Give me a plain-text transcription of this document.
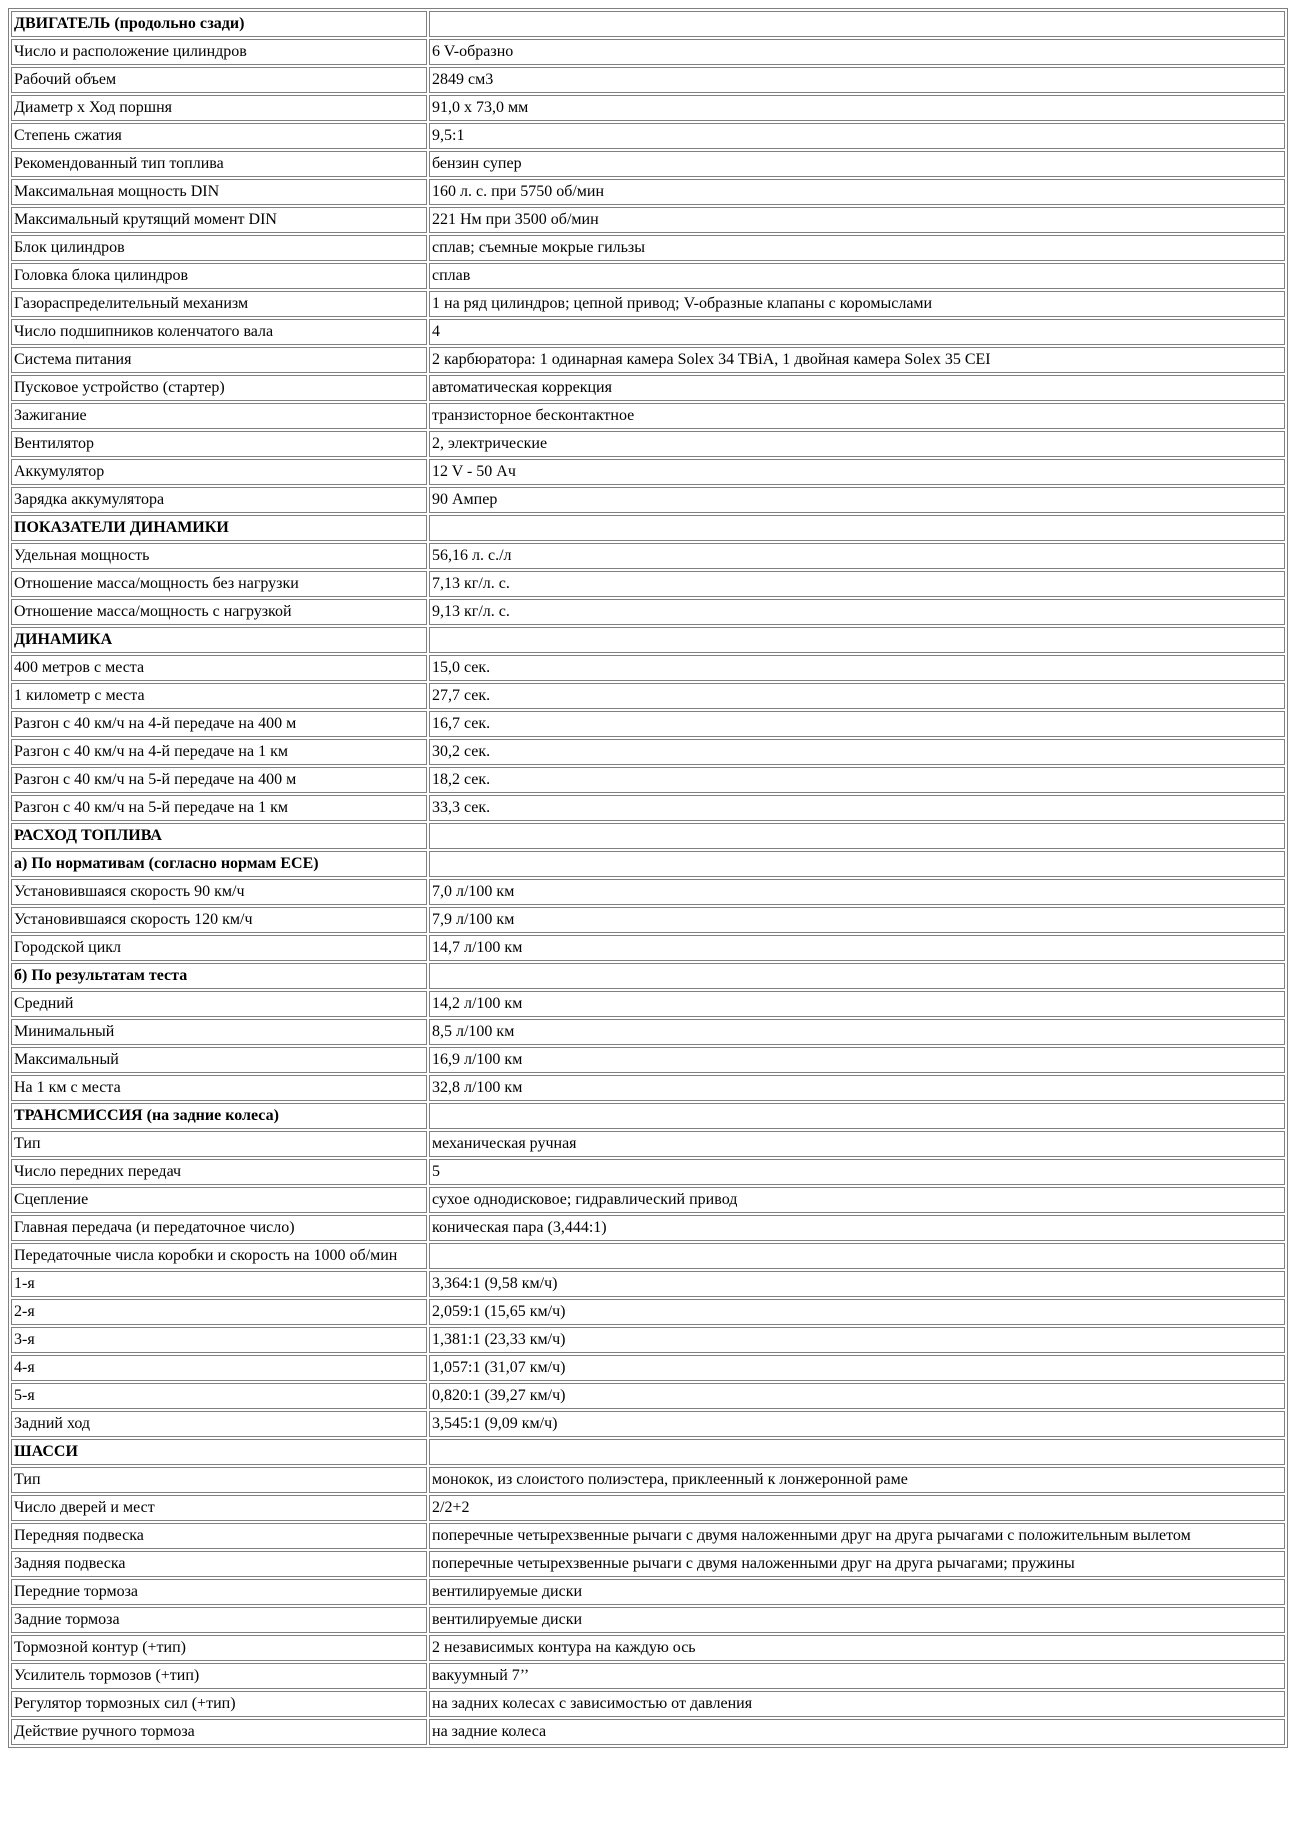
ДВИГАТЕЛЬ (продольно сзади)	
Число и расположение цилиндров	6 V-образно
Рабочий объем	2849 см3
Диаметр х Ход поршня	91,0 х 73,0 мм
Степень сжатия	9,5:1
Рекомендованный тип топлива	бензин супер
Максимальная мощность DIN	160 л. с. при 5750 об/мин
Максимальный крутящий момент DIN	221 Нм при 3500 об/мин
Блок цилиндров	сплав; съемные мокрые гильзы
Головка блока цилиндров	сплав
Газораспределительный механизм	1 на ряд цилиндров; цепной привод; V-образные клапаны с коромыслами
Число подшипников коленчатого вала	4
Система питания	2 карбюратора: 1 одинарная камера Solex 34 TBiA, 1 двойная камера Solex 35 CEI
Пусковое устройство (стартер)	автоматическая коррекция
Зажигание	транзисторное бесконтактное
Вентилятор	2, электрические
Аккумулятор	12 V - 50 Ач
Зарядка аккумулятора	90 Ампер
ПОКАЗАТЕЛИ ДИНАМИКИ	
Удельная мощность	56,16 л. с./л
Отношение масса/мощность без нагрузки	7,13 кг/л. с.
Отношение масса/мощность с нагрузкой	9,13 кг/л. с.
ДИНАМИКА	
400 метров с места	15,0 сек.
1 километр с места	27,7 сек.
Разгон с 40 км/ч на 4-й передаче на 400 м	16,7 сек.
Разгон с 40 км/ч на 4-й передаче на 1 км	30,2 сек.
Разгон с 40 км/ч на 5-й передаче на 400 м	18,2 сек.
Разгон с 40 км/ч на 5-й передаче на 1 км	33,3 сек.
РАСХОД ТОПЛИВА	
а) По нормативам (согласно нормам ECE)	
Установившаяся скорость 90 км/ч	7,0 л/100 км
Установившаяся скорость 120 км/ч	7,9 л/100 км
Городской цикл	14,7 л/100 км
б) По результатам теста	
Средний	14,2 л/100 км
Минимальный	8,5 л/100 км
Максимальный	16,9 л/100 км
На 1 км с места	32,8 л/100 км
ТРАНСМИССИЯ (на задние колеса)	
Тип	механическая ручная
Число передних передач	5
Сцепление	сухое однодисковое; гидравлический привод
Главная передача (и передаточное число)	коническая пара (3,444:1)
Передаточные числа коробки и скорость на 1000 об/мин	
1-я	3,364:1 (9,58 км/ч)
2-я	2,059:1 (15,65 км/ч)
3-я	1,381:1 (23,33 км/ч)
4-я	1,057:1 (31,07 км/ч)
5-я	0,820:1 (39,27 км/ч)
Задний ход	3,545:1 (9,09 км/ч)
ШАССИ	
Тип	монокок, из слоистого полиэстера, приклеенный к лонжеронной раме
Число дверей и мест	2/2+2
Передняя подвеска	поперечные четырехзвенные рычаги с двумя наложенными друг на друга рычагами с положительным вылетом
Задняя подвеска	поперечные четырехзвенные рычаги с двумя наложенными друг на друга рычагами; пружины
Передние тормоза	вентилируемые диски
Задние тормоза	вентилируемые диски
Тормозной контур (+тип)	2 независимых контура на каждую ось
Усилитель тормозов (+тип)	вакуумный 7’’
Регулятор тормозных сил (+тип)	на задних колесах с зависимостью от давления
Действие ручного тормоза	на задние колеса
